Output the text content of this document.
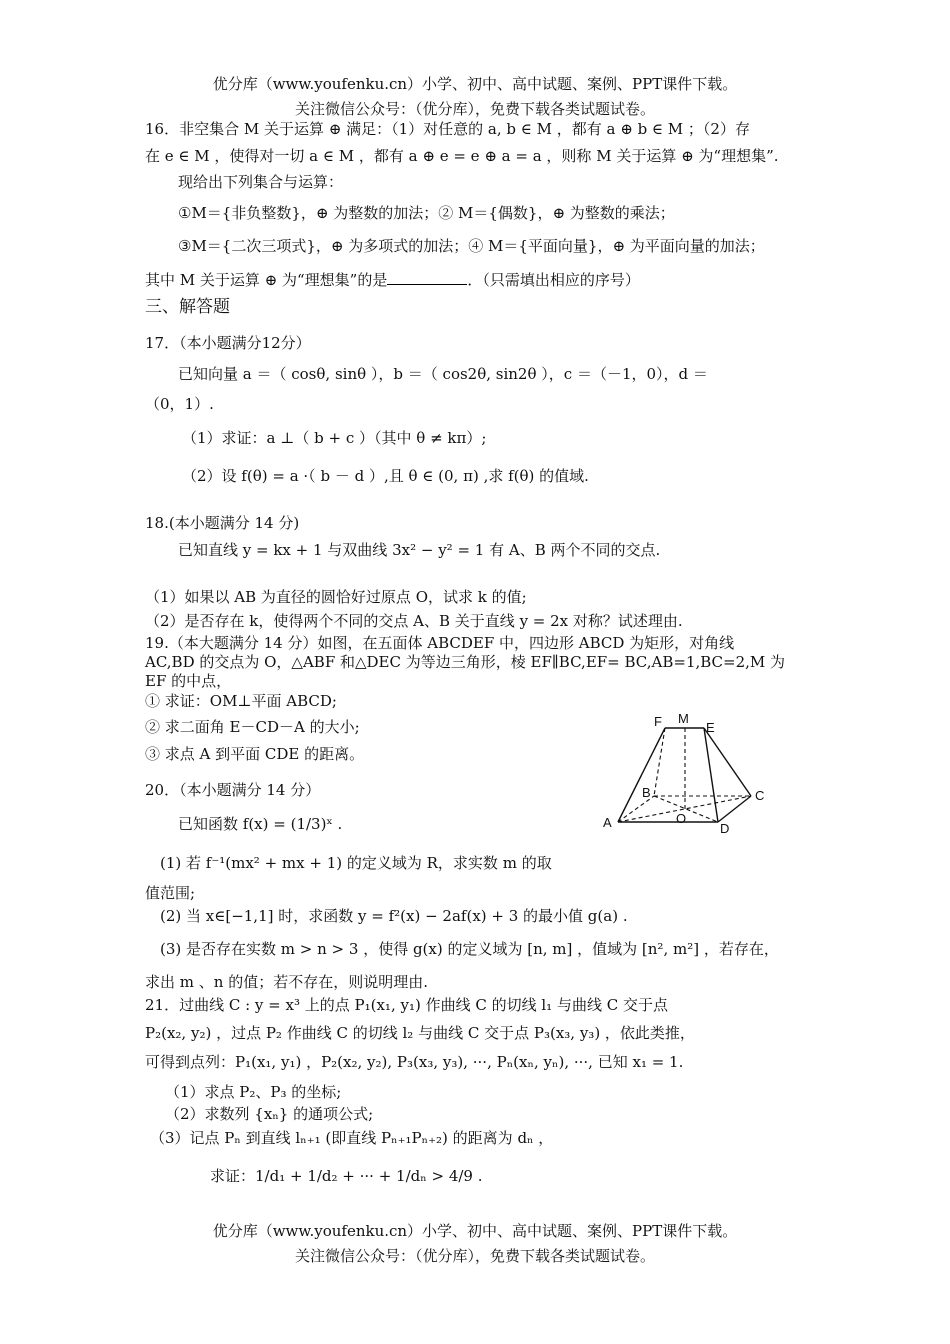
优分库（www.youfenku.cn）小学、初中、高中试题、案例、PPT课件下载。
关注微信公众号：（优分库），免费下载各类试题试卷。
16．非空集合 M 关于运算 ⊕ 满足：（1）对任意的 a, b ∈ M ，都有 a ⊕ b ∈ M ；（2）存
在 e ∈ M ，使得对一切 a ∈ M ，都有 a ⊕ e = e ⊕ a = a ，则称 M 关于运算 ⊕ 为“理想集”.
现给出下列集合与运算：
①M＝{非负整数}，⊕ 为整数的加法；② M＝{偶数}，⊕ 为整数的乘法；
③M＝{二次三项式}，⊕ 为多项式的加法；④ M＝{平面向量}，⊕ 为平面向量的加法；
其中 M 关于运算 ⊕ 为“理想集”的是	．（只需填出相应的序号）
三、解答题
17．（本小题满分12分）
已知向量 a ＝（ cosθ, sinθ ），b ＝（ cos2θ, sin2θ ），c ＝（－1，0），d ＝
（0，1）.
（1）求证：a ⊥（ b + c ）（其中 θ ≠ kπ）;
（2）设 f(θ) = a ·（ b － d ）,且 θ ∈ (0, π) ,求 f(θ) 的值域.
18.(本小题满分 14 分)
已知直线 y = kx + 1 与双曲线 3x² − y² = 1 有 A、B 两个不同的交点.
（1）如果以 AB 为直径的圆恰好过原点 O，试求 k 的值;
（2）是否存在 k，使得两个不同的交点 A、B 关于直线 y = 2x 对称？试述理由.
19.（本大题满分 14 分）如图，在五面体 ABCDEF 中，四边形 ABCD 为矩形，对角线
AC,BD 的交点为 O，△ABF 和△DEC 为等边三角形，棱 EF∥BC,EF= BC,AB=1,BC=2,M 为
EF 的中点，
① 求证：OM⊥平面 ABCD;
② 求二面角 E－CD－A 的大小;
③ 求点 A 到平面 CDE 的距离。
F M
E
B	C
O
A	D
20．（本小题满分 14 分）
已知函数 f(x) = (1/3)ˣ .
(1) 若 f⁻¹(mx² + mx + 1) 的定义域为 R，求实数 m 的取
值范围;
(2) 当 x∈[−1,1] 时，求函数 y = f²(x) − 2af(x) + 3 的最小值 g(a) .
(3) 是否存在实数 m > n > 3 ，使得 g(x) 的定义域为 [n, m] ，值域为 [n², m²] ，若存在，
求出 m 、n 的值；若不存在，则说明理由.
21．过曲线 C : y = x³ 上的点 P₁(x₁, y₁) 作曲线 C 的切线 l₁ 与曲线 C 交于点
P₂(x₂, y₂) ，过点 P₂ 作曲线 C 的切线 l₂ 与曲线 C 交于点 P₃(x₃, y₃) ，依此类推，
可得到点列：P₁(x₁, y₁) ，P₂(x₂, y₂), P₃(x₃, y₃), ···, Pₙ(xₙ, yₙ), ···, 已知 x₁ = 1.
（1）求点 P₂、P₃ 的坐标;
（2）求数列 {xₙ} 的通项公式;
（3）记点 Pₙ 到直线 lₙ₊₁ (即直线 Pₙ₊₁Pₙ₊₂) 的距离为 dₙ ，
求证：1/d₁ + 1/d₂ + ··· + 1/dₙ > 4/9 .
优分库（www.youfenku.cn）小学、初中、高中试题、案例、PPT课件下载。
关注微信公众号：（优分库），免费下载各类试题试卷。
